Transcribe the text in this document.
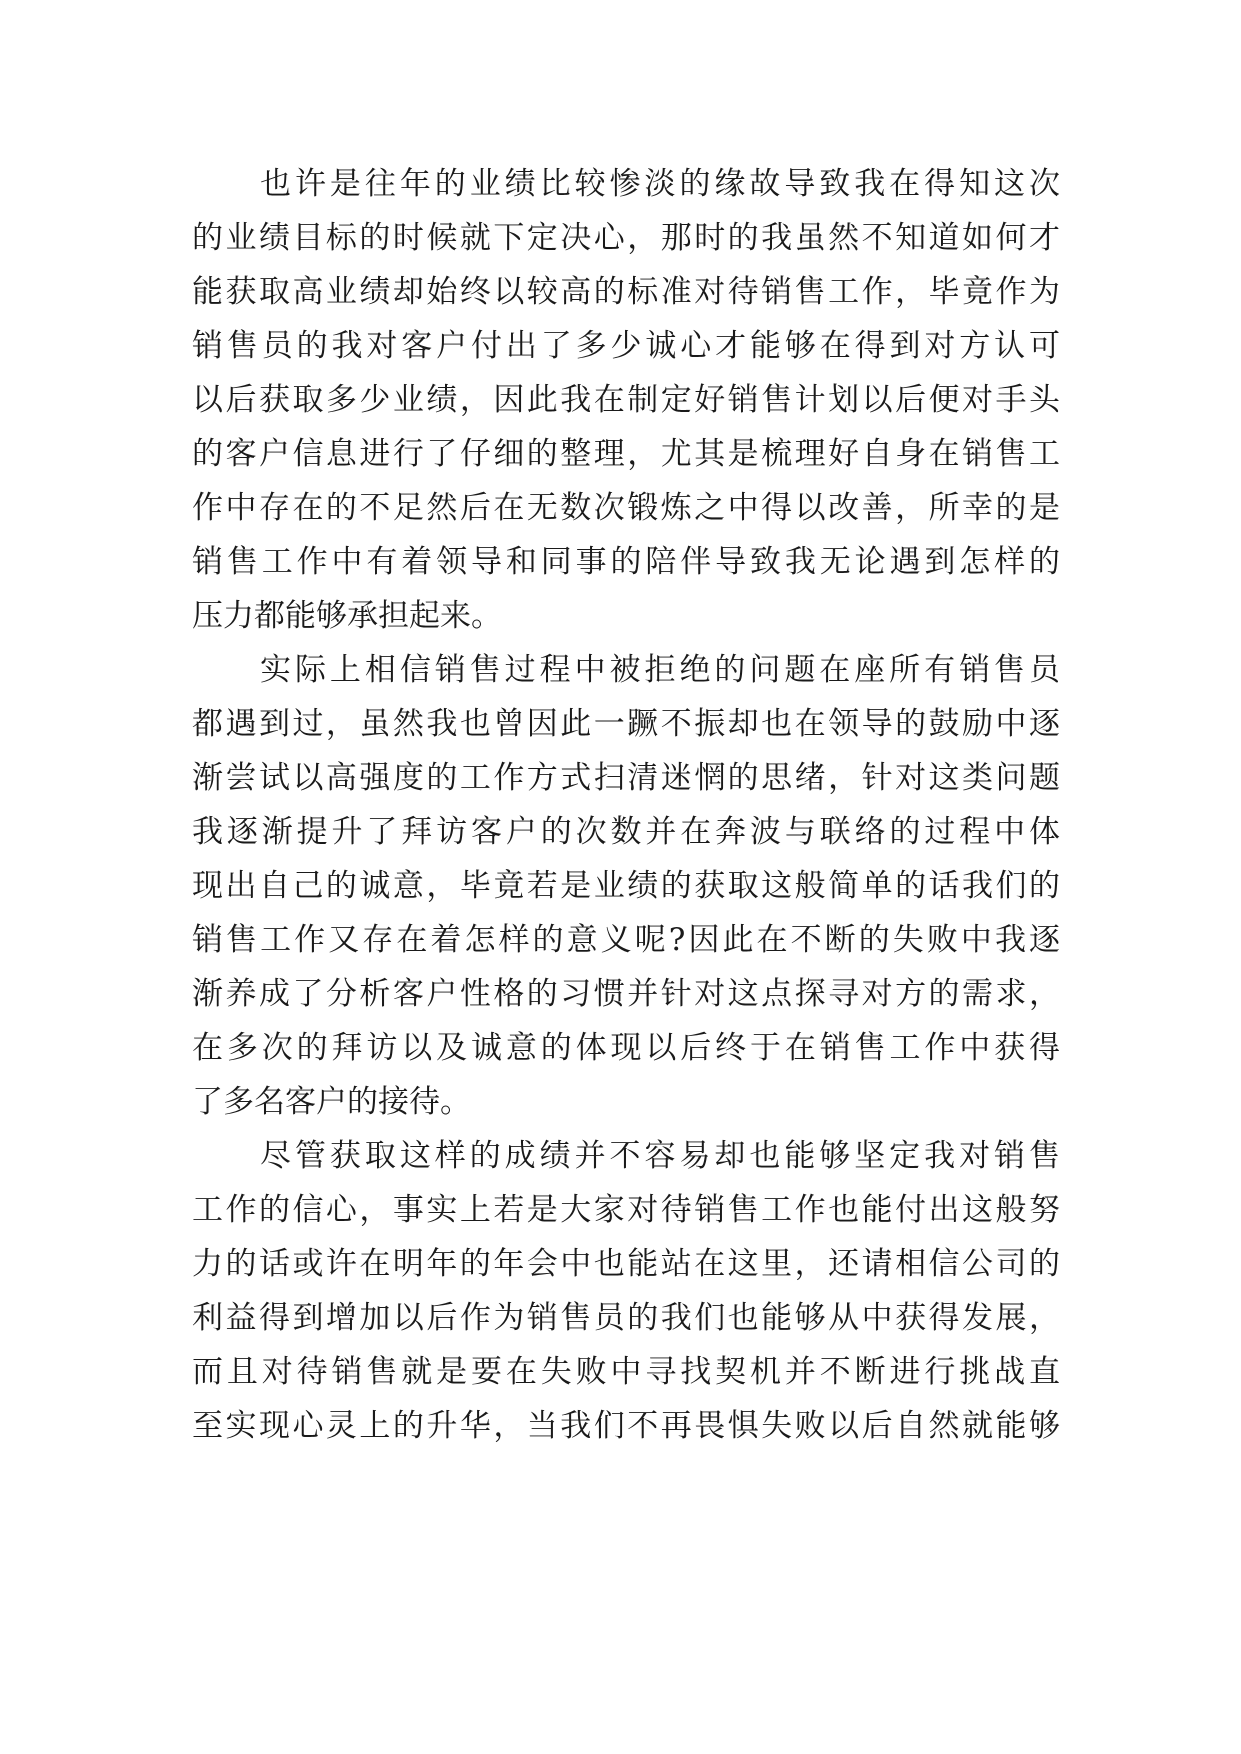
也许是往年的业绩比较惨淡的缘故导致我在得知这次
的业绩目标的时候就下定决心，那时的我虽然不知道如何才
能获取高业绩却始终以较高的标准对待销售工作，毕竟作为
销售员的我对客户付出了多少诚心才能够在得到对方认可
以后获取多少业绩，因此我在制定好销售计划以后便对手头
的客户信息进行了仔细的整理，尤其是梳理好自身在销售工
作中存在的不足然后在无数次锻炼之中得以改善，所幸的是
销售工作中有着领导和同事的陪伴导致我无论遇到怎样的
压力都能够承担起来。
实际上相信销售过程中被拒绝的问题在座所有销售员
都遇到过，虽然我也曾因此一蹶不振却也在领导的鼓励中逐
渐尝试以高强度的工作方式扫清迷惘的思绪，针对这类问题
我逐渐提升了拜访客户的次数并在奔波与联络的过程中体
现出自己的诚意，毕竟若是业绩的获取这般简单的话我们的
销售工作又存在着怎样的意义呢?因此在不断的失败中我逐
渐养成了分析客户性格的习惯并针对这点探寻对方的需求，
在多次的拜访以及诚意的体现以后终于在销售工作中获得
了多名客户的接待。
尽管获取这样的成绩并不容易却也能够坚定我对销售
工作的信心，事实上若是大家对待销售工作也能付出这般努
力的话或许在明年的年会中也能站在这里，还请相信公司的
利益得到增加以后作为销售员的我们也能够从中获得发展，
而且对待销售就是要在失败中寻找契机并不断进行挑战直
至实现心灵上的升华，当我们不再畏惧失败以后自然就能够
